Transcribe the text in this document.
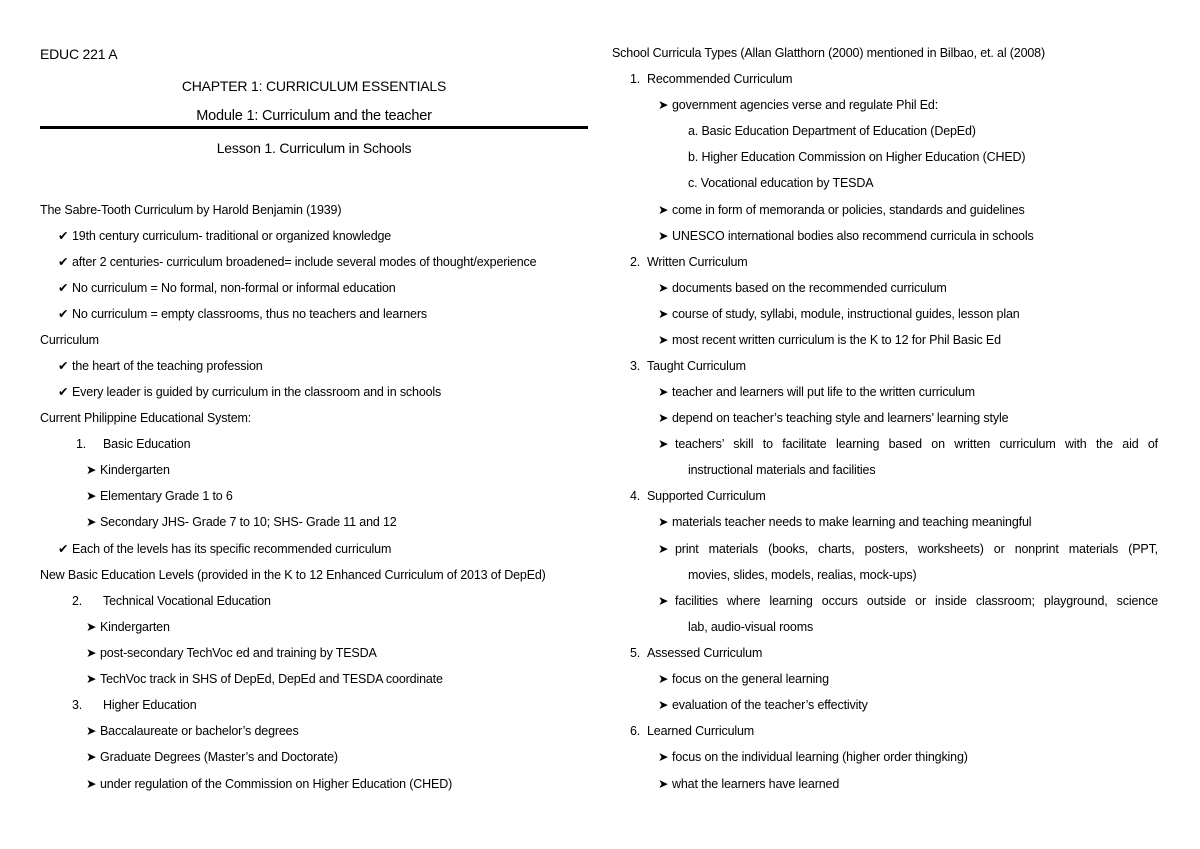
EDUC 221 A
CHAPTER 1: CURRICULUM ESSENTIALS
Module 1: Curriculum and the teacher
Lesson 1. Curriculum in Schools
The Sabre-Tooth Curriculum by Harold Benjamin (1939)
✔ 19th century curriculum- traditional or organized knowledge
✔ after 2 centuries- curriculum broadened= include several modes of thought/experience
✔ No curriculum = No formal, non-formal or informal education
✔ No curriculum = empty classrooms, thus no teachers and learners
Curriculum
✔ the heart of the teaching profession
✔ Every leader is guided by curriculum in the classroom and in schools
Current Philippine Educational System:
1. Basic Education
➤ Kindergarten
➤ Elementary Grade 1 to 6
➤ Secondary JHS- Grade 7 to 10; SHS- Grade 11 and 12
✔ Each of the levels has its specific recommended curriculum
New Basic Education Levels (provided in the K to 12 Enhanced Curriculum of 2013 of DepEd)
2. Technical Vocational Education
➤ Kindergarten
➤ post-secondary TechVoc ed and training by TESDA
➤ TechVoc track in SHS of DepEd, DepEd and TESDA coordinate
3. Higher Education
➤ Baccalaureate or bachelor’s degrees
➤ Graduate Degrees (Master’s and Doctorate)
➤ under regulation of the Commission on Higher Education (CHED)
School Curricula Types (Allan Glatthorn (2000) mentioned in Bilbao, et. al (2008)
1. Recommended Curriculum
➤ government agencies verse and regulate Phil Ed:
a. Basic Education Department of Education (DepEd)
b. Higher Education Commission on Higher Education (CHED)
c. Vocational education by TESDA
➤ come in form of memoranda or policies, standards and guidelines
➤ UNESCO international bodies also recommend curricula in schools
2. Written Curriculum
➤ documents based on the recommended curriculum
➤ course of study, syllabi, module, instructional guides, lesson plan
➤ most recent written curriculum is the K to 12 for Phil Basic Ed
3. Taught Curriculum
➤ teacher and learners will put life to the written curriculum
➤ depend on teacher’s teaching style and learners’ learning style
➤ teachers’ skill to facilitate learning based on written curriculum with the aid of
instructional materials and facilities
4. Supported Curriculum
➤ materials teacher needs to make learning and teaching meaningful
➤ print materials (books, charts, posters, worksheets) or nonprint materials (PPT,
movies, slides, models, realias, mock-ups)
➤ facilities where learning occurs outside or inside classroom; playground, science
lab, audio-visual rooms
5. Assessed Curriculum
➤ focus on the general learning
➤ evaluation of the teacher’s effectivity
6. Learned Curriculum
➤ focus on the individual learning (higher order thingking)
➤ what the learners have learned
